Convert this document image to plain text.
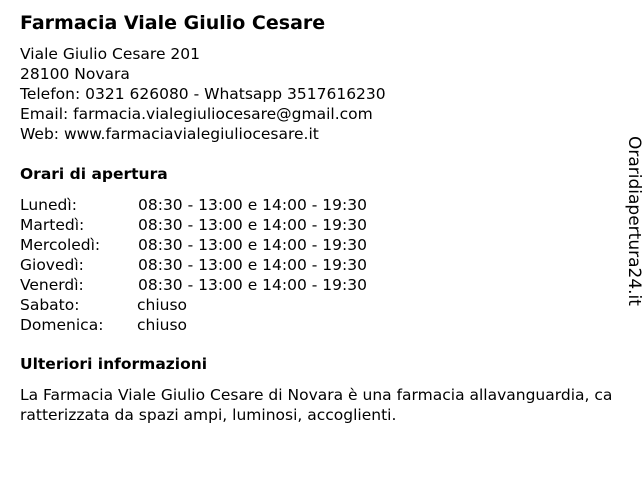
Farmacia Viale Giulio Cesare
Viale Giulio Cesare 201
28100 Novara
Telefon: 0321 626080 - Whatsapp 3517616230
Email: farmacia.vialegiuliocesare@gmail.com
Web: www.farmaciavialegiuliocesare.it
Orari di apertura
Lunedì:	08:30 - 13:00 e 14:00 - 19:30
Martedì:	08:30 - 13:00 e 14:00 - 19:30
Mercoledì: 08:30 - 13:00 e 14:00 - 19:30
Giovedì:	08:30 - 13:00 e 14:00 - 19:30
Venerdì:	08:30 - 13:00 e 14:00 - 19:30
Sabato:	chiuso
Domenica: chiuso
Ulteriori informazioni
La Farmacia Viale Giulio Cesare di Novara è una farmacia allavanguardia, caratterizzata da spazi ampi, luminosi, accoglienti.
Oraridiapertura24.it
